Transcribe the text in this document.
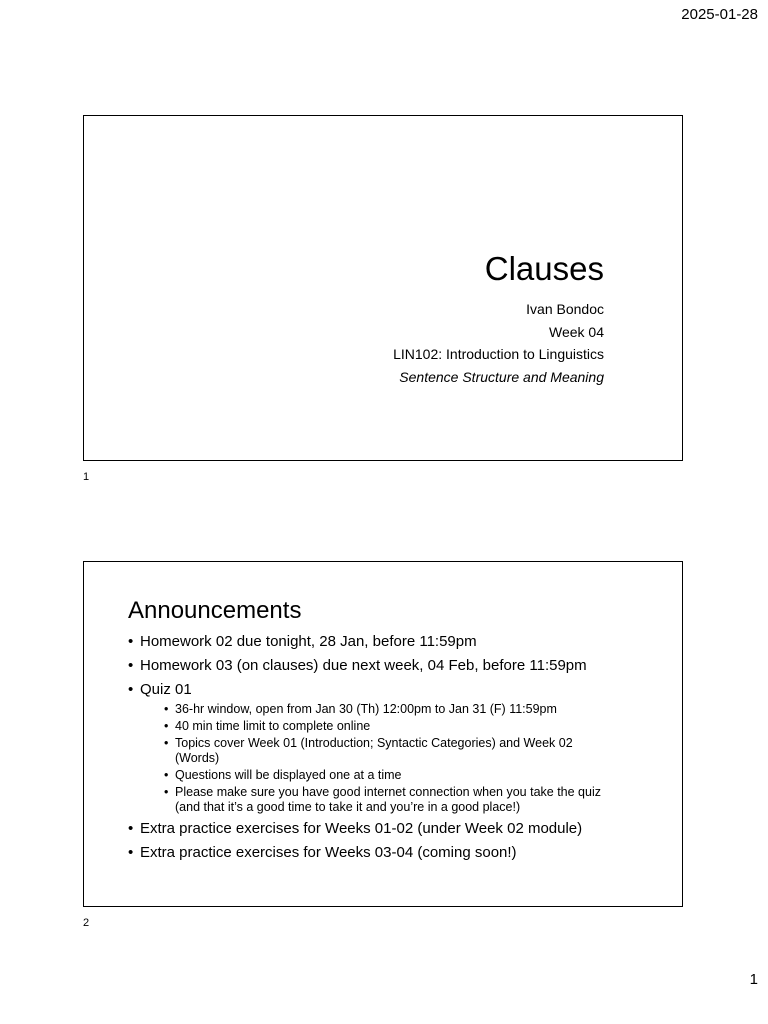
2025-01-28
Clauses
Ivan Bondoc
Week 04
LIN102: Introduction to Linguistics
Sentence Structure and Meaning
1
Announcements
• Homework 02 due tonight, 28 Jan, before 11:59pm
• Homework 03 (on clauses) due next week, 04 Feb, before 11:59pm
• Quiz 01
• 36-hr window, open from Jan 30 (Th) 12:00pm to Jan 31 (F) 11:59pm
• 40 min time limit to complete online
• Topics cover Week 01 (Introduction; Syntactic Categories) and Week 02
(Words)
• Questions will be displayed one at a time
• Please make sure you have good internet connection when you take the quiz
(and that it’s a good time to take it and you’re in a good place!)
• Extra practice exercises for Weeks 01-02 (under Week 02 module)
• Extra practice exercises for Weeks 03-04 (coming soon!)
2
1
